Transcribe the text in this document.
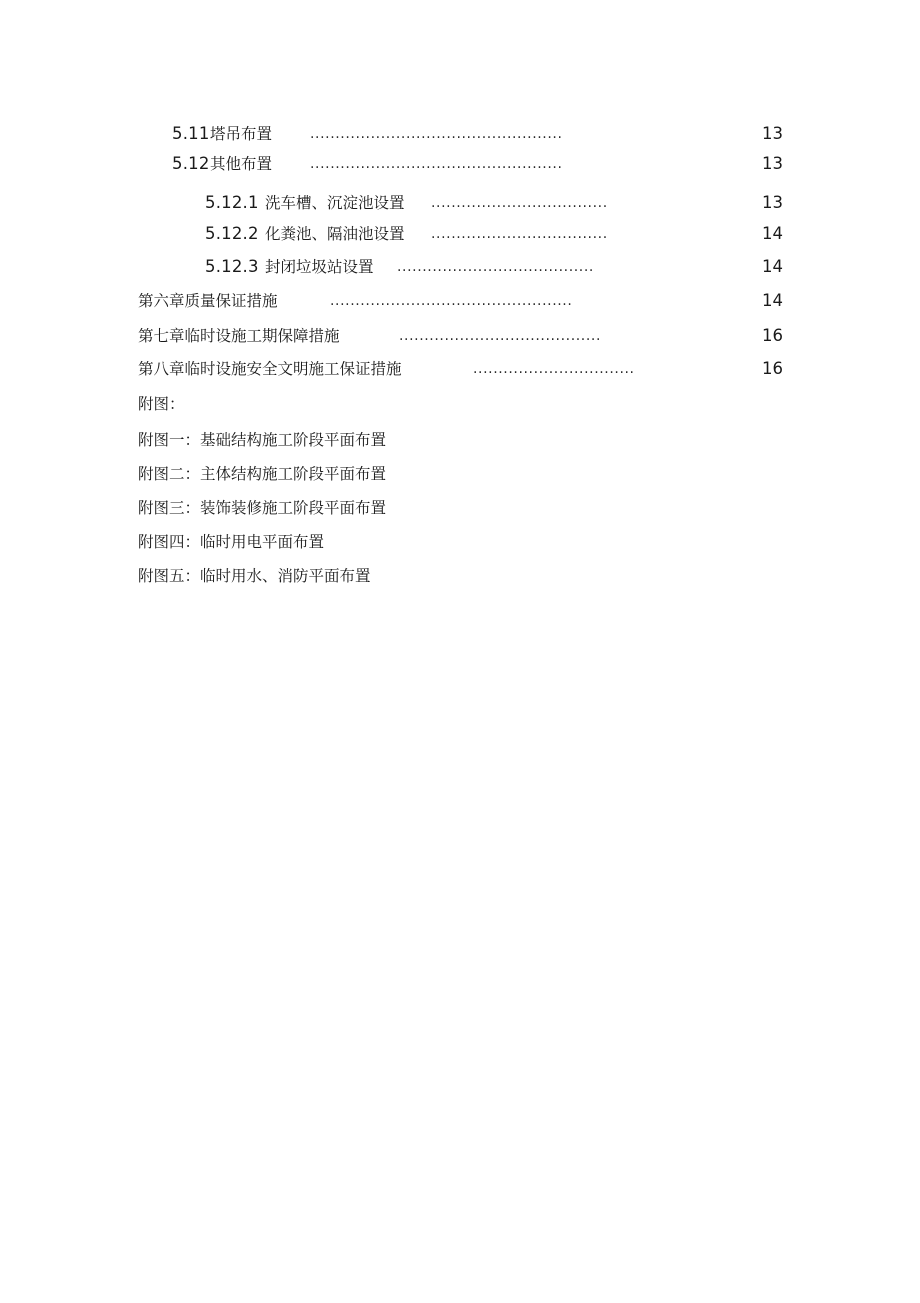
5.11 塔吊布置	..................................................	13
5.12 其他布置	..................................................	13
5.12.1 洗车槽、沉淀池设置 ...................................	13
5.12.2 化粪池、隔油池设置 ...................................	14
5.12.3 封闭垃圾站设置 .......................................	14
第六章质量保证措施	................................................	14
第七章临时设施工期保障措施	........................................	16
第八章临时设施安全文明施工保证措施	................................	16
附图：
附图一：基础结构施工阶段平面布置
附图二：主体结构施工阶段平面布置
附图三：装饰装修施工阶段平面布置
附图四：临时用电平面布置
附图五：临时用水、消防平面布置
